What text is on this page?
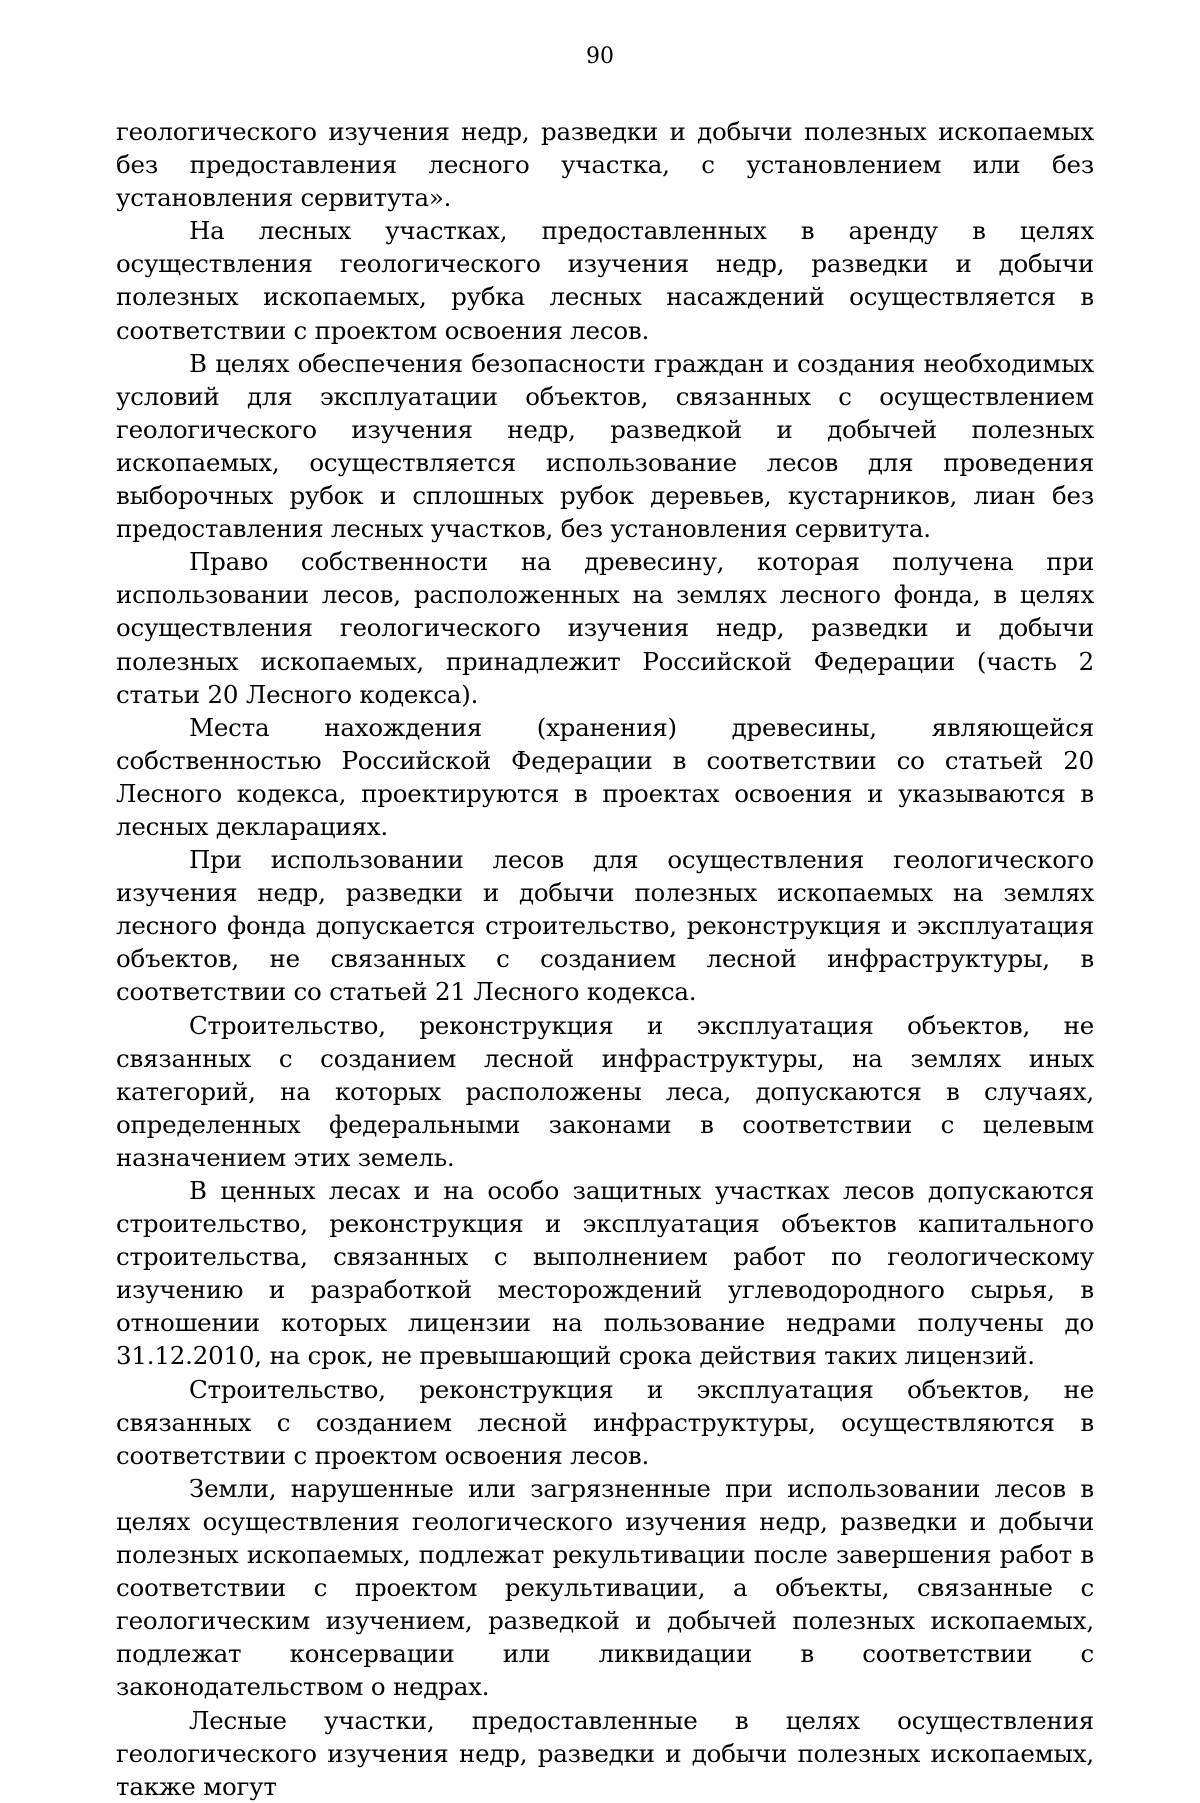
90

геологического изучения недр, разведки и добычи полезных ископаемых без предоставления лесного участка, с установлением или без установления сервитута».

На лесных участках, предоставленных в аренду в целях осуществления геологического изучения недр, разведки и добычи полезных ископаемых, рубка лесных насаждений осуществляется в соответствии с проектом освоения лесов.

В целях обеспечения безопасности граждан и создания необходимых условий для эксплуатации объектов, связанных с осуществлением геологического изучения недр, разведкой и добычей полезных ископаемых, осуществляется использование лесов для проведения выборочных рубок и сплошных рубок деревьев, кустарников, лиан без предоставления лесных участков, без установления сервитута.

Право собственности на древесину, которая получена при использовании лесов, расположенных на землях лесного фонда, в целях осуществления геологического изучения недр, разведки и добычи полезных ископаемых, принадлежит Российской Федерации (часть 2 статьи 20 Лесного кодекса).

Места нахождения (хранения) древесины, являющейся собственностью Российской Федерации в соответствии со статьей 20 Лесного кодекса, проектируются в проектах освоения и указываются в лесных декларациях.

При использовании лесов для осуществления геологического изучения недр, разведки и добычи полезных ископаемых на землях лесного фонда допускается строительство, реконструкция и эксплуатация объектов, не связанных с созданием лесной инфраструктуры, в соответствии со статьей 21 Лесного кодекса.

Строительство, реконструкция и эксплуатация объектов, не связанных с созданием лесной инфраструктуры, на землях иных категорий, на которых расположены леса, допускаются в случаях, определенных федеральными законами в соответствии с целевым назначением этих земель.

В ценных лесах и на особо защитных участках лесов допускаются строительство, реконструкция и эксплуатация объектов капитального строительства, связанных с выполнением работ по геологическому изучению и разработкой месторождений углеводородного сырья, в отношении которых лицензии на пользование недрами получены до 31.12.2010, на срок, не превышающий срока действия таких лицензий.

Строительство, реконструкция и эксплуатация объектов, не связанных с созданием лесной инфраструктуры, осуществляются в соответствии с проектом освоения лесов.

Земли, нарушенные или загрязненные при использовании лесов в целях осуществления геологического изучения недр, разведки и добычи полезных ископаемых, подлежат рекультивации после завершения работ в соответствии с проектом рекультивации, а объекты, связанные с геологическим изучением, разведкой и добычей полезных ископаемых, подлежат консервации или ликвидации в соответствии с законодательством о недрах.

Лесные участки, предоставленные в целях осуществления геологического изучения недр, разведки и добычи полезных ископаемых, также могут
